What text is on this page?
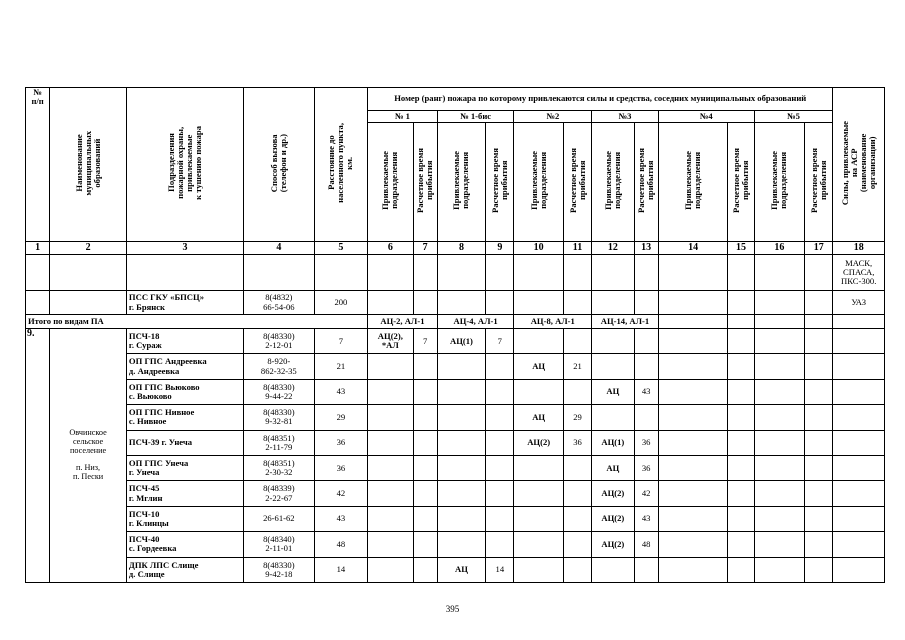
№
п/п	Наименование
муниципальных
образований	Подразделения
пожарной охраны,
привлекаемые
к тушению пожара	Способ вызова
(телефон и др.)	Расстояние до
населенного пункта,
км.	Номер (ранг) пожара по которому привлекаются силы и средства, соседних муниципальных образований												Силы, привлекаемые
на АСР
(наименование
организации)
					№ 1		№ 1-бис		№2		№3		№4		№5		
					Привлекаемые
подразделения	Расчетное время
прибытия	Привлекаемые
подразделения	Расчетное время
прибытия	Привлекаемые
подразделения	Расчетное время
прибытия	Привлекаемые
подразделения	Расчетное время
прибытия	Привлекаемые
подразделения	Расчетное время
прибытия	Привлекаемые
подразделения	Расчетное время
прибытия	
1	2	3	4	5	6	7	8	9	10	11	12	13	14	15	16	17	18
																	МАСК,
СПАСА,
ПКС-300.
		ПСС ГКУ «БПСЦ»
г. Брянск	8(4832)
66-54-06	200													УАЗ
Итого по видам ПА					АЦ-2, АЛ-1		АЦ-4, АЛ-1		АЦ-8, АЛ-1		АЦ-14, АЛ-1						
9.	Овчинское
сельское
поселение

п. Низ,
п. Пески	ПСЧ-18
г. Сураж	8(48330)
2-12-01	7	АЦ(2),
*АЛ	7	АЦ(1)	7									
		ОП ГПС Андреевка
д. Андреевка	8-920-
862-32-35	21					АЦ	21							
		ОП ГПС Вьюково
с. Вьюково	8(48330)
9-44-22	43							АЦ	43					
		ОП ГПС Нивное
с. Нивное	8(48330)
9-32-81	29					АЦ	29							
		ПСЧ-39 г. Унеча	8(48351)
2-11-79	36					АЦ(2)	36	АЦ(1)	36					
		ОП ГПС Унеча
г. Унеча	8(48351)
2-30-32	36							АЦ	36					
		ПСЧ-45
г. Мглин	8(48339)
2-22-67	42							АЦ(2)	42					
		ПСЧ-10
г. Клинцы	26-61-62	43							АЦ(2)	43					
		ПСЧ-40
с. Гордеевка	8(48340)
2-11-01	48							АЦ(2)	48					
		ДПК ЛПС Слище
д. Слище	8(48330)
9-42-18	14			АЦ	14									
395
